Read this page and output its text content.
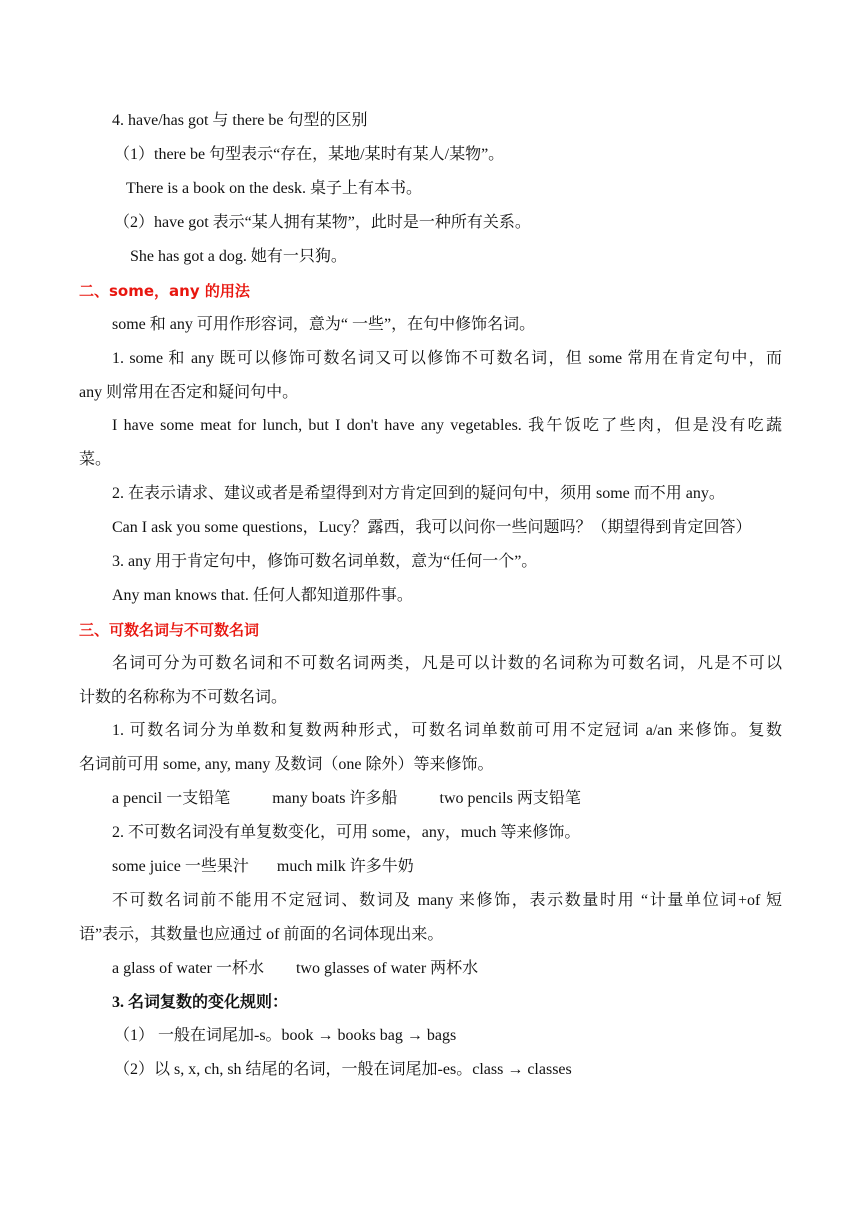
4. have/has got 与 there be 句型的区别
（1）there be 句型表示“存在，某地/某时有某人/某物”。
There is a book on the desk. 桌子上有本书。
（2）have got 表示“某人拥有某物”，此时是一种所有关系。
She has got a dog. 她有一只狗。
二、some，any 的用法
some 和 any 可用作形容词，意为“ 一些”，在句中修饰名词。
1. some 和 any 既可以修饰可数名词又可以修饰不可数名词，但 some 常用在肯定句中，而
any 则常用在否定和疑问句中。
I have some meat for lunch, but I don't have any vegetables. 我午饭吃了些肉，但是没有吃蔬
菜。
2. 在表示请求、建议或者是希望得到对方肯定回到的疑问句中，须用 some 而不用 any。
Can I ask you some questions，Lucy？露西，我可以问你一些问题吗？（期望得到肯定回答）
3. any 用于肯定句中，修饰可数名词单数，意为“任何一个”。
Any man knows that. 任何人都知道那件事。
三、可数名词与不可数名词
名词可分为可数名词和不可数名词两类，凡是可以计数的名词称为可数名词，凡是不可以
计数的名称称为不可数名词。
1. 可数名词分为单数和复数两种形式，可数名词单数前可用不定冠词 a/an 来修饰。复数
名词前可用 some, any, many 及数词（one 除外）等来修饰。
a pencil 一支铅笔	many boats 许多船	two pencils 两支铅笔
2. 不可数名词没有单复数变化，可用 some，any，much 等来修饰。
some juice 一些果汁 much milk 许多牛奶
不可数名词前不能用不定冠词、数词及 many 来修饰，表示数量时用 “计量单位词+of 短
语”表示，其数量也应通过 of 前面的名词体现出来。
a glass of water 一杯水 two glasses of water 两杯水
3. 名词复数的变化规则：
（1） 一般在词尾加-s。book → books bag → bags
（2）以 s, x, ch, sh 结尾的名词，一般在词尾加-es。class → classes
